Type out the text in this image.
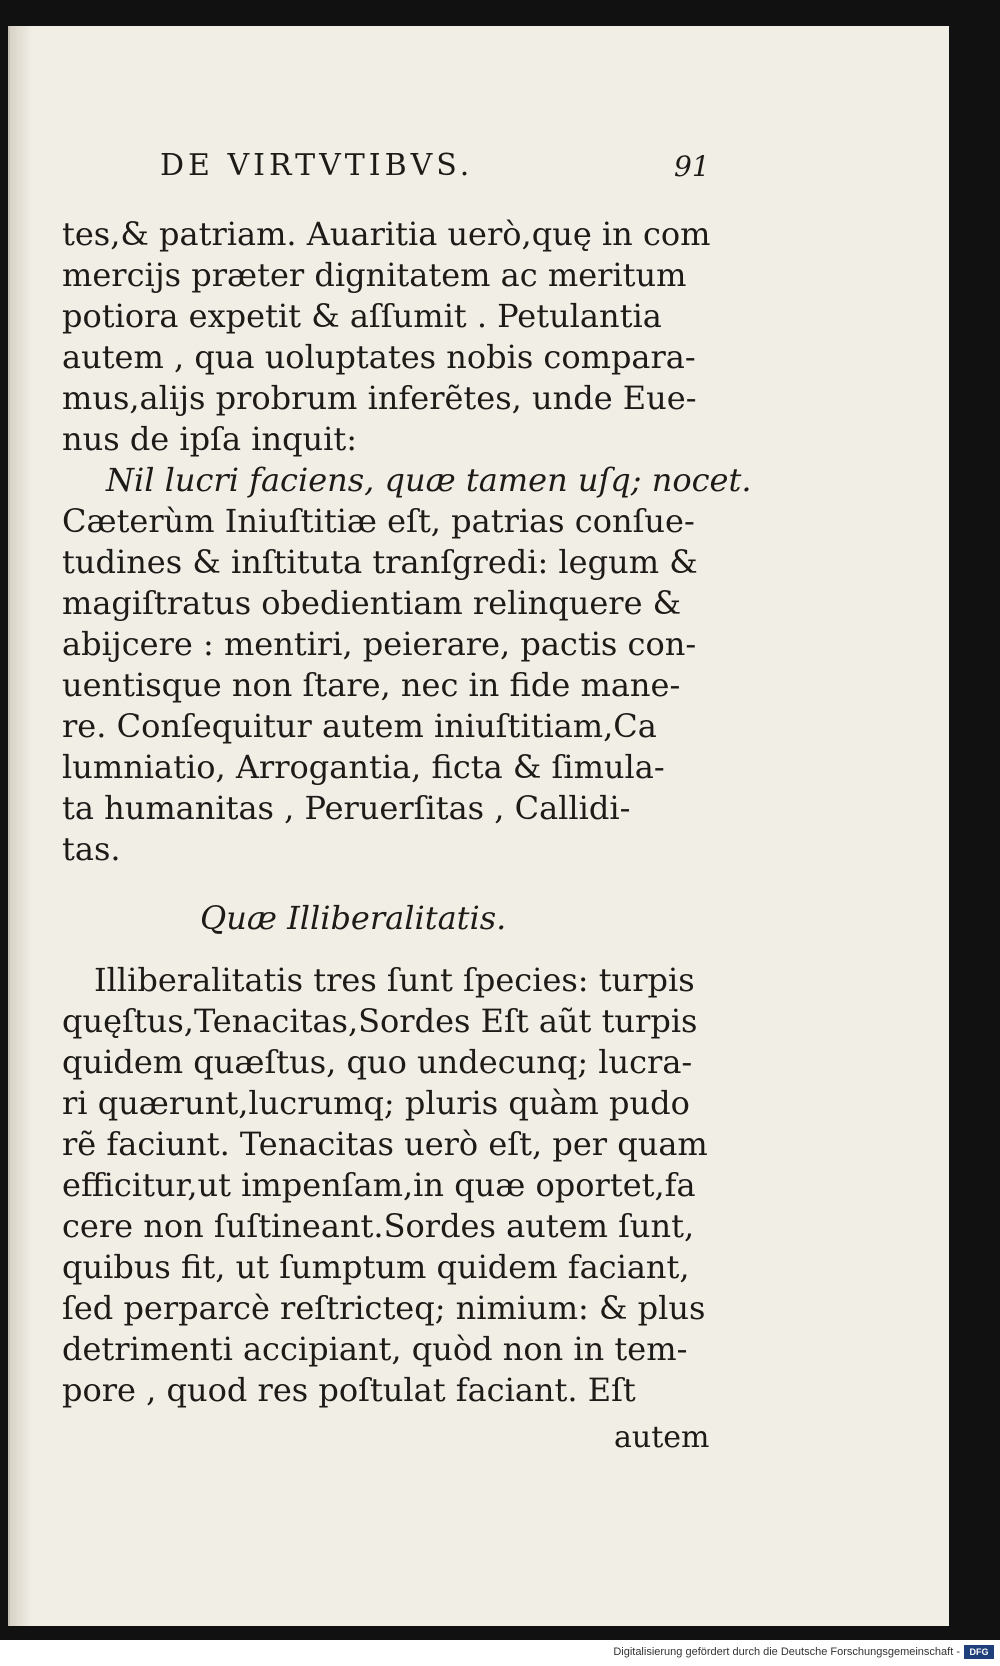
DE VIRTVTIBVS.	91
tes,& patriam. Auaritia uerò,quę in com
mercijs præter dignitatem ac meritum
potiora expetit & aſſumit . Petulantia
autem , qua uoluptates nobis compara-
mus,alijs probrum inferẽtes, unde Eue-
nus de ipſa inquit:
Nil lucri faciens, quæ tamen uſq; nocet.
Cæterùm Iniuſtitiæ eſt, patrias conſue-
tudines & inſtituta tranſgredi: legum &
magiſtratus obedientiam relinquere &
abijcere : mentiri, peierare, pactis con-
uentisque non ſtare, nec in fide mane-
re. Conſequitur autem iniuſtitiam,Ca
lumniatio, Arrogantia, ficta & ſimula-
ta humanitas , Peruerſitas , Callidi-
tas.
Quæ Illiberalitatis.
Illiberalitatis tres ſunt ſpecies: turpis
quęſtus,Tenacitas,Sordes Eſt aũt turpis
quidem quæſtus, quo undecunq; lucra-
ri quærunt,lucrumq; pluris quàm pudo
rẽ faciunt. Tenacitas uerò eſt, per quam
efficitur,ut impenſam,in quæ oportet,fa
cere non ſuſtineant.Sordes autem ſunt,
quibus fit, ut ſumptum quidem faciant,
ſed perparcè reſtricteq; nimium: & plus
detrimenti accipiant, quòd non in tem-
pore , quod res poſtulat faciant. Eſt
autem
Digitalisierung gefördert durch die Deutsche Forschungsgemeinschaft -	DFG
